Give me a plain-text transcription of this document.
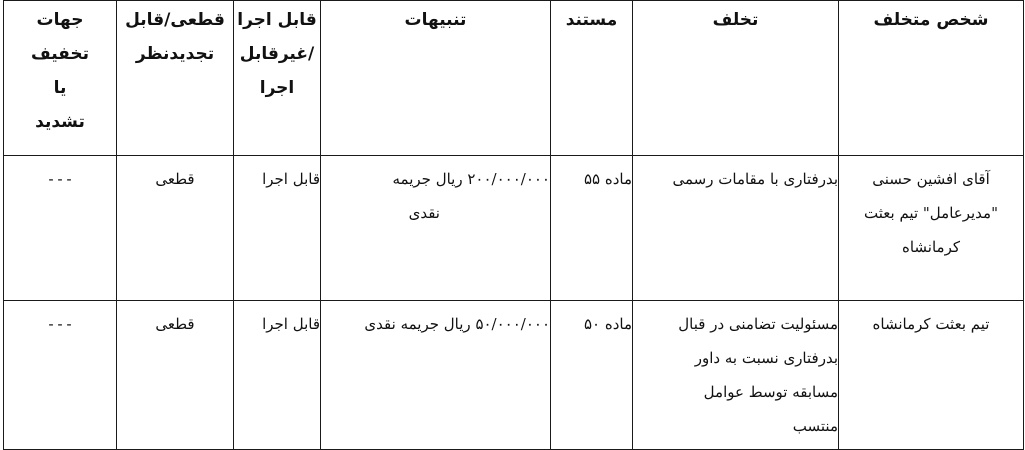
شخص متخلف	تخلف	مستند	تنبیهات	قابل اجرا
/غیرقابل
اجرا	قطعی/قابل
تجدیدنظر	جهات
تخفیف
یا
تشدید

آقای افشین حسنی
"مدیرعامل" تیم بعثت
کرمانشاه	بدرفتاری با مقامات رسمی	ماده ۵۵	۲۰۰/۰۰۰/۰۰۰ ریال جریمه
نقدی	قابل اجرا	قطعی	---

تیم بعثت کرمانشاه	مسئولیت تضامنی در قبال
بدرفتاری نسبت به داور
مسابقه توسط عوامل
منتسب	ماده ۵۰	۵۰/۰۰۰/۰۰۰ ریال جریمه نقدی	قابل اجرا	قطعی	---
